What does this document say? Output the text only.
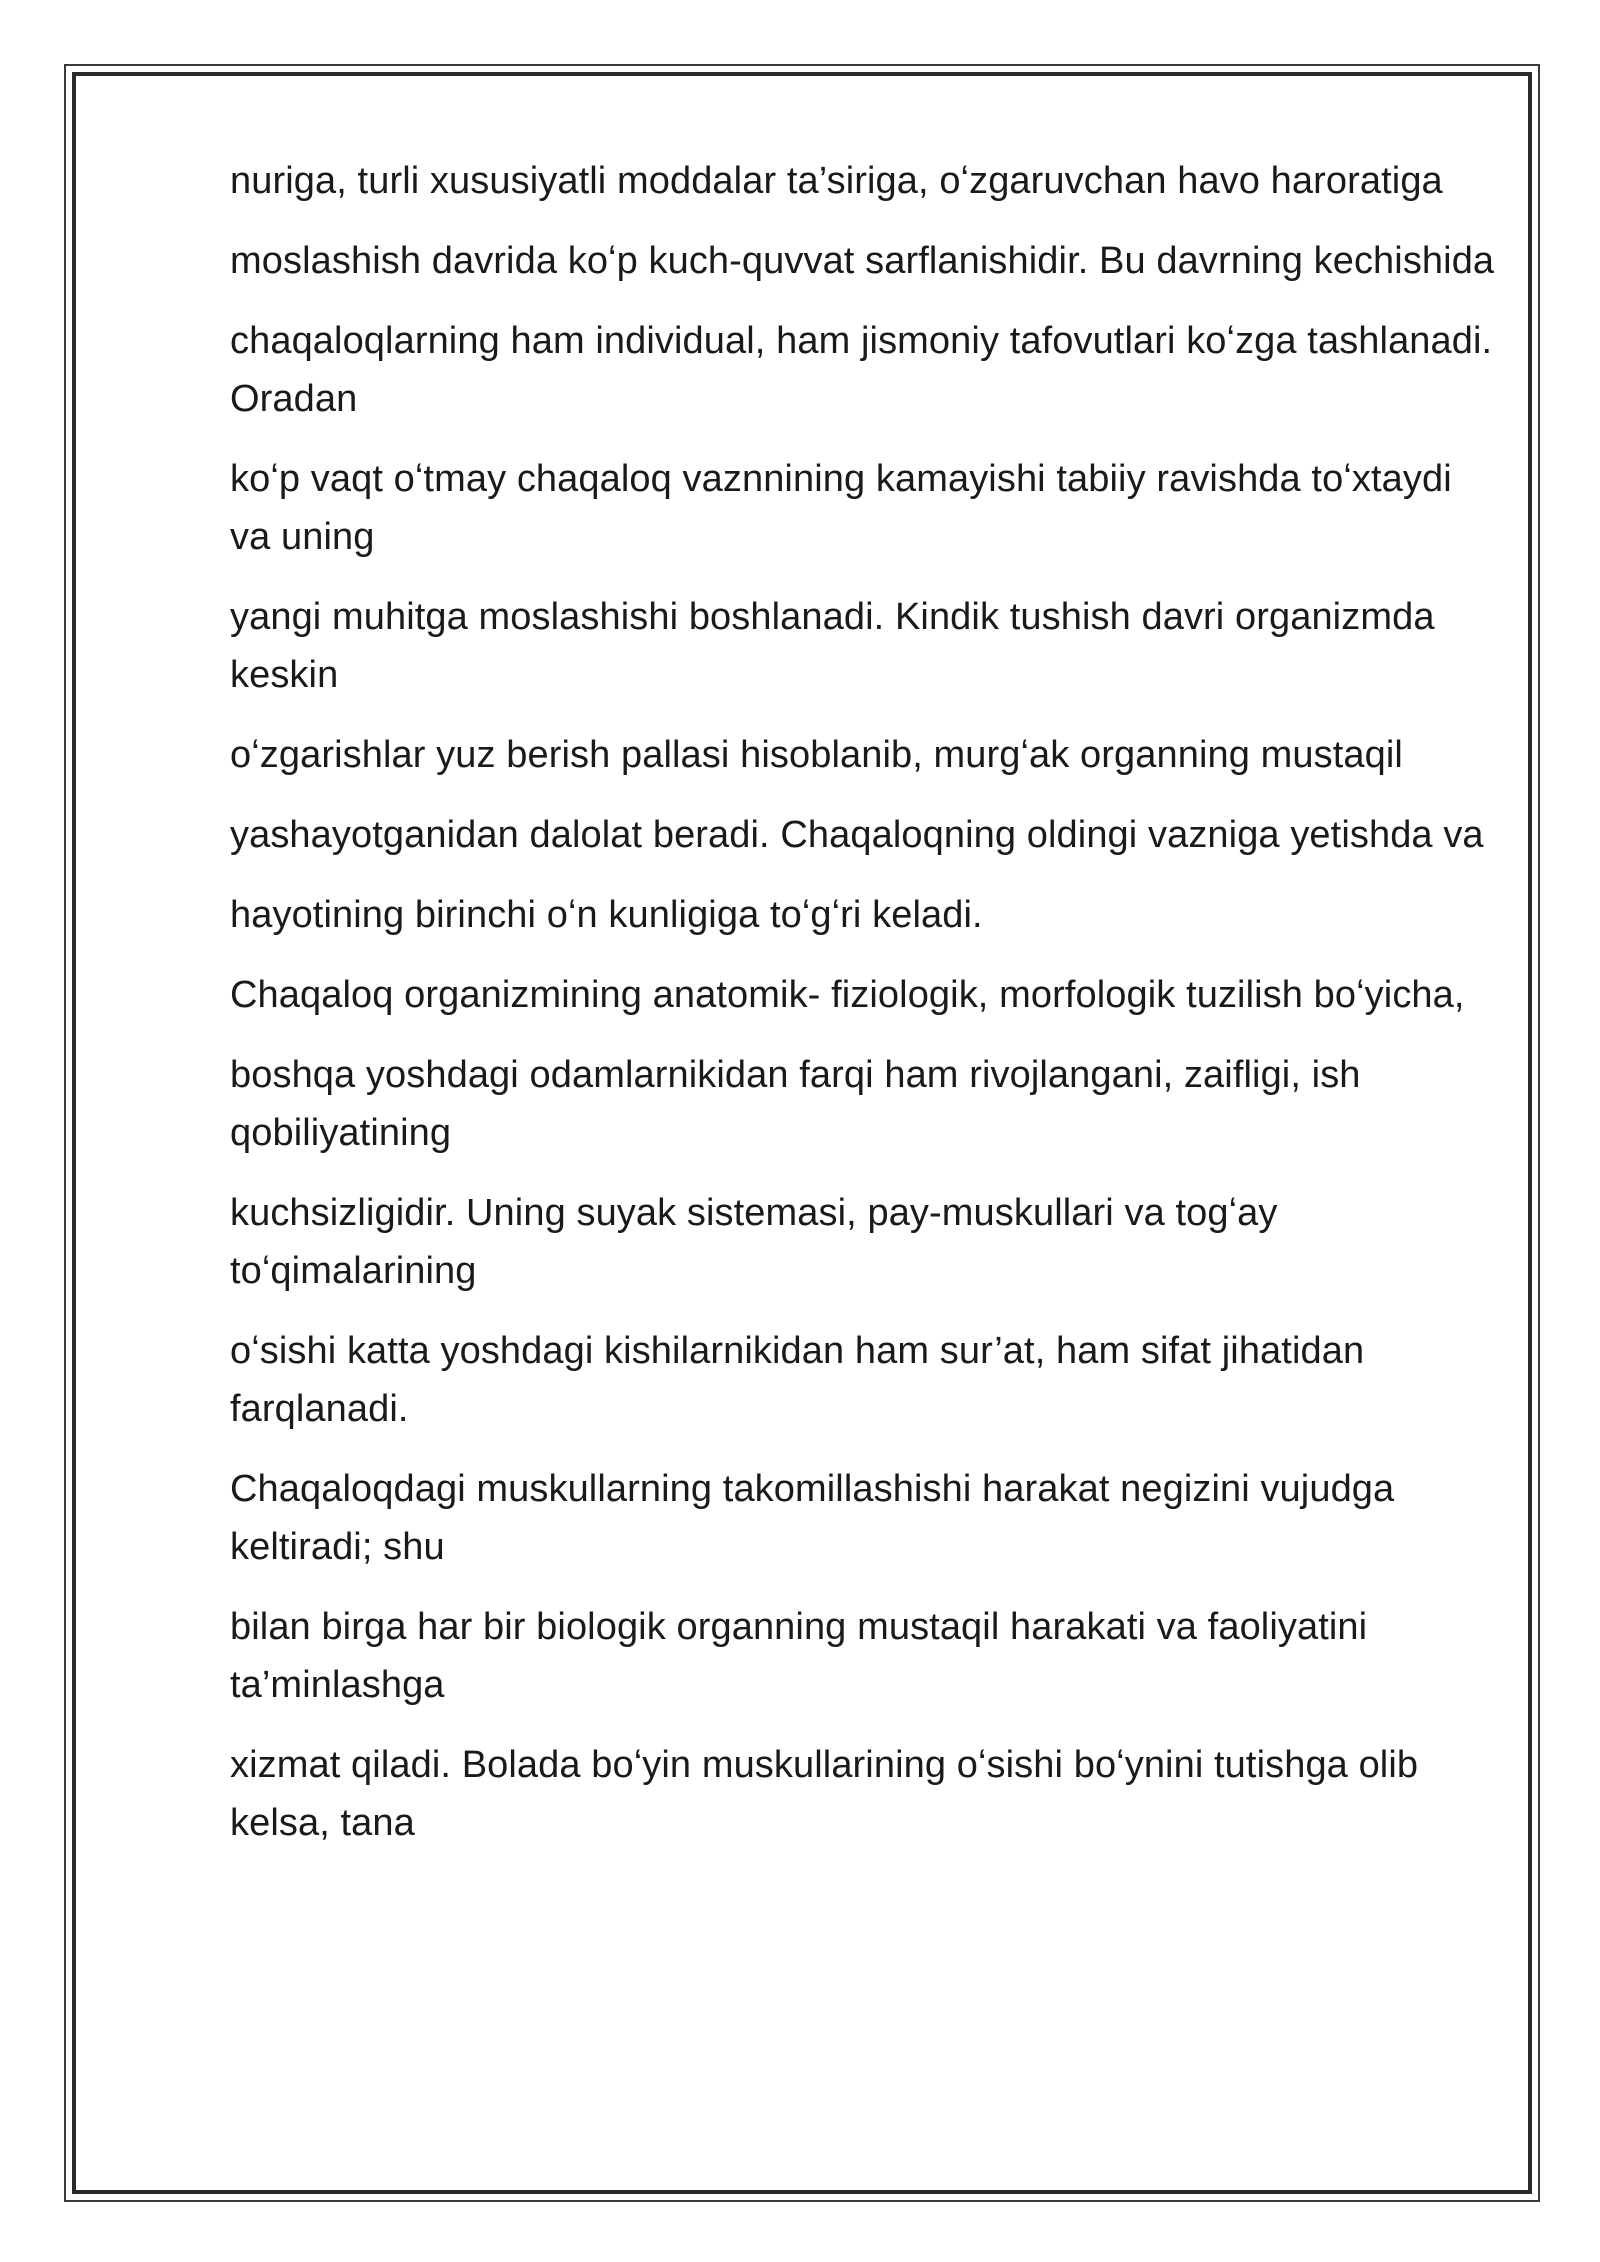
nuriga, turli xususiyatli moddalar ta’siriga, oʻzgaruvchan havo haroratiga

moslashish davrida koʻp kuch-quvvat sarflanishidir. Bu davrning kechishida

chaqaloqlarning ham individual, ham jismoniy tafovutlari koʻzga tashlanadi. Oradan

koʻp vaqt oʻtmay chaqaloq vaznnining kamayishi tabiiy ravishda toʻxtaydi va uning

yangi muhitga moslashishi boshlanadi. Kindik tushish davri organizmda keskin

oʻzgarishlar yuz berish pallasi hisoblanib, murgʻak organning mustaqil

yashayotganidan dalolat beradi. Chaqaloqning oldingi vazniga yetishda va

hayotining birinchi oʻn kunligiga toʻgʻri keladi.

Chaqaloq organizmining anatomik- fiziologik, morfologik tuzilish boʻyicha,

boshqa yoshdagi odamlarnikidan farqi ham rivojlangani, zaifligi, ish qobiliyatining

kuchsizligidir. Uning suyak sistemasi, pay-muskullari va togʻay toʻqimalarining

oʻsishi katta yoshdagi kishilarnikidan ham sur’at, ham sifat jihatidan farqlanadi.

Chaqaloqdagi muskullarning takomillashishi harakat negizini vujudga keltiradi; shu

bilan birga har bir biologik organning mustaqil harakati va faoliyatini ta’minlashga

xizmat qiladi. Bolada boʻyin muskullarining oʻsishi boʻynini tutishga olib kelsa, tana
